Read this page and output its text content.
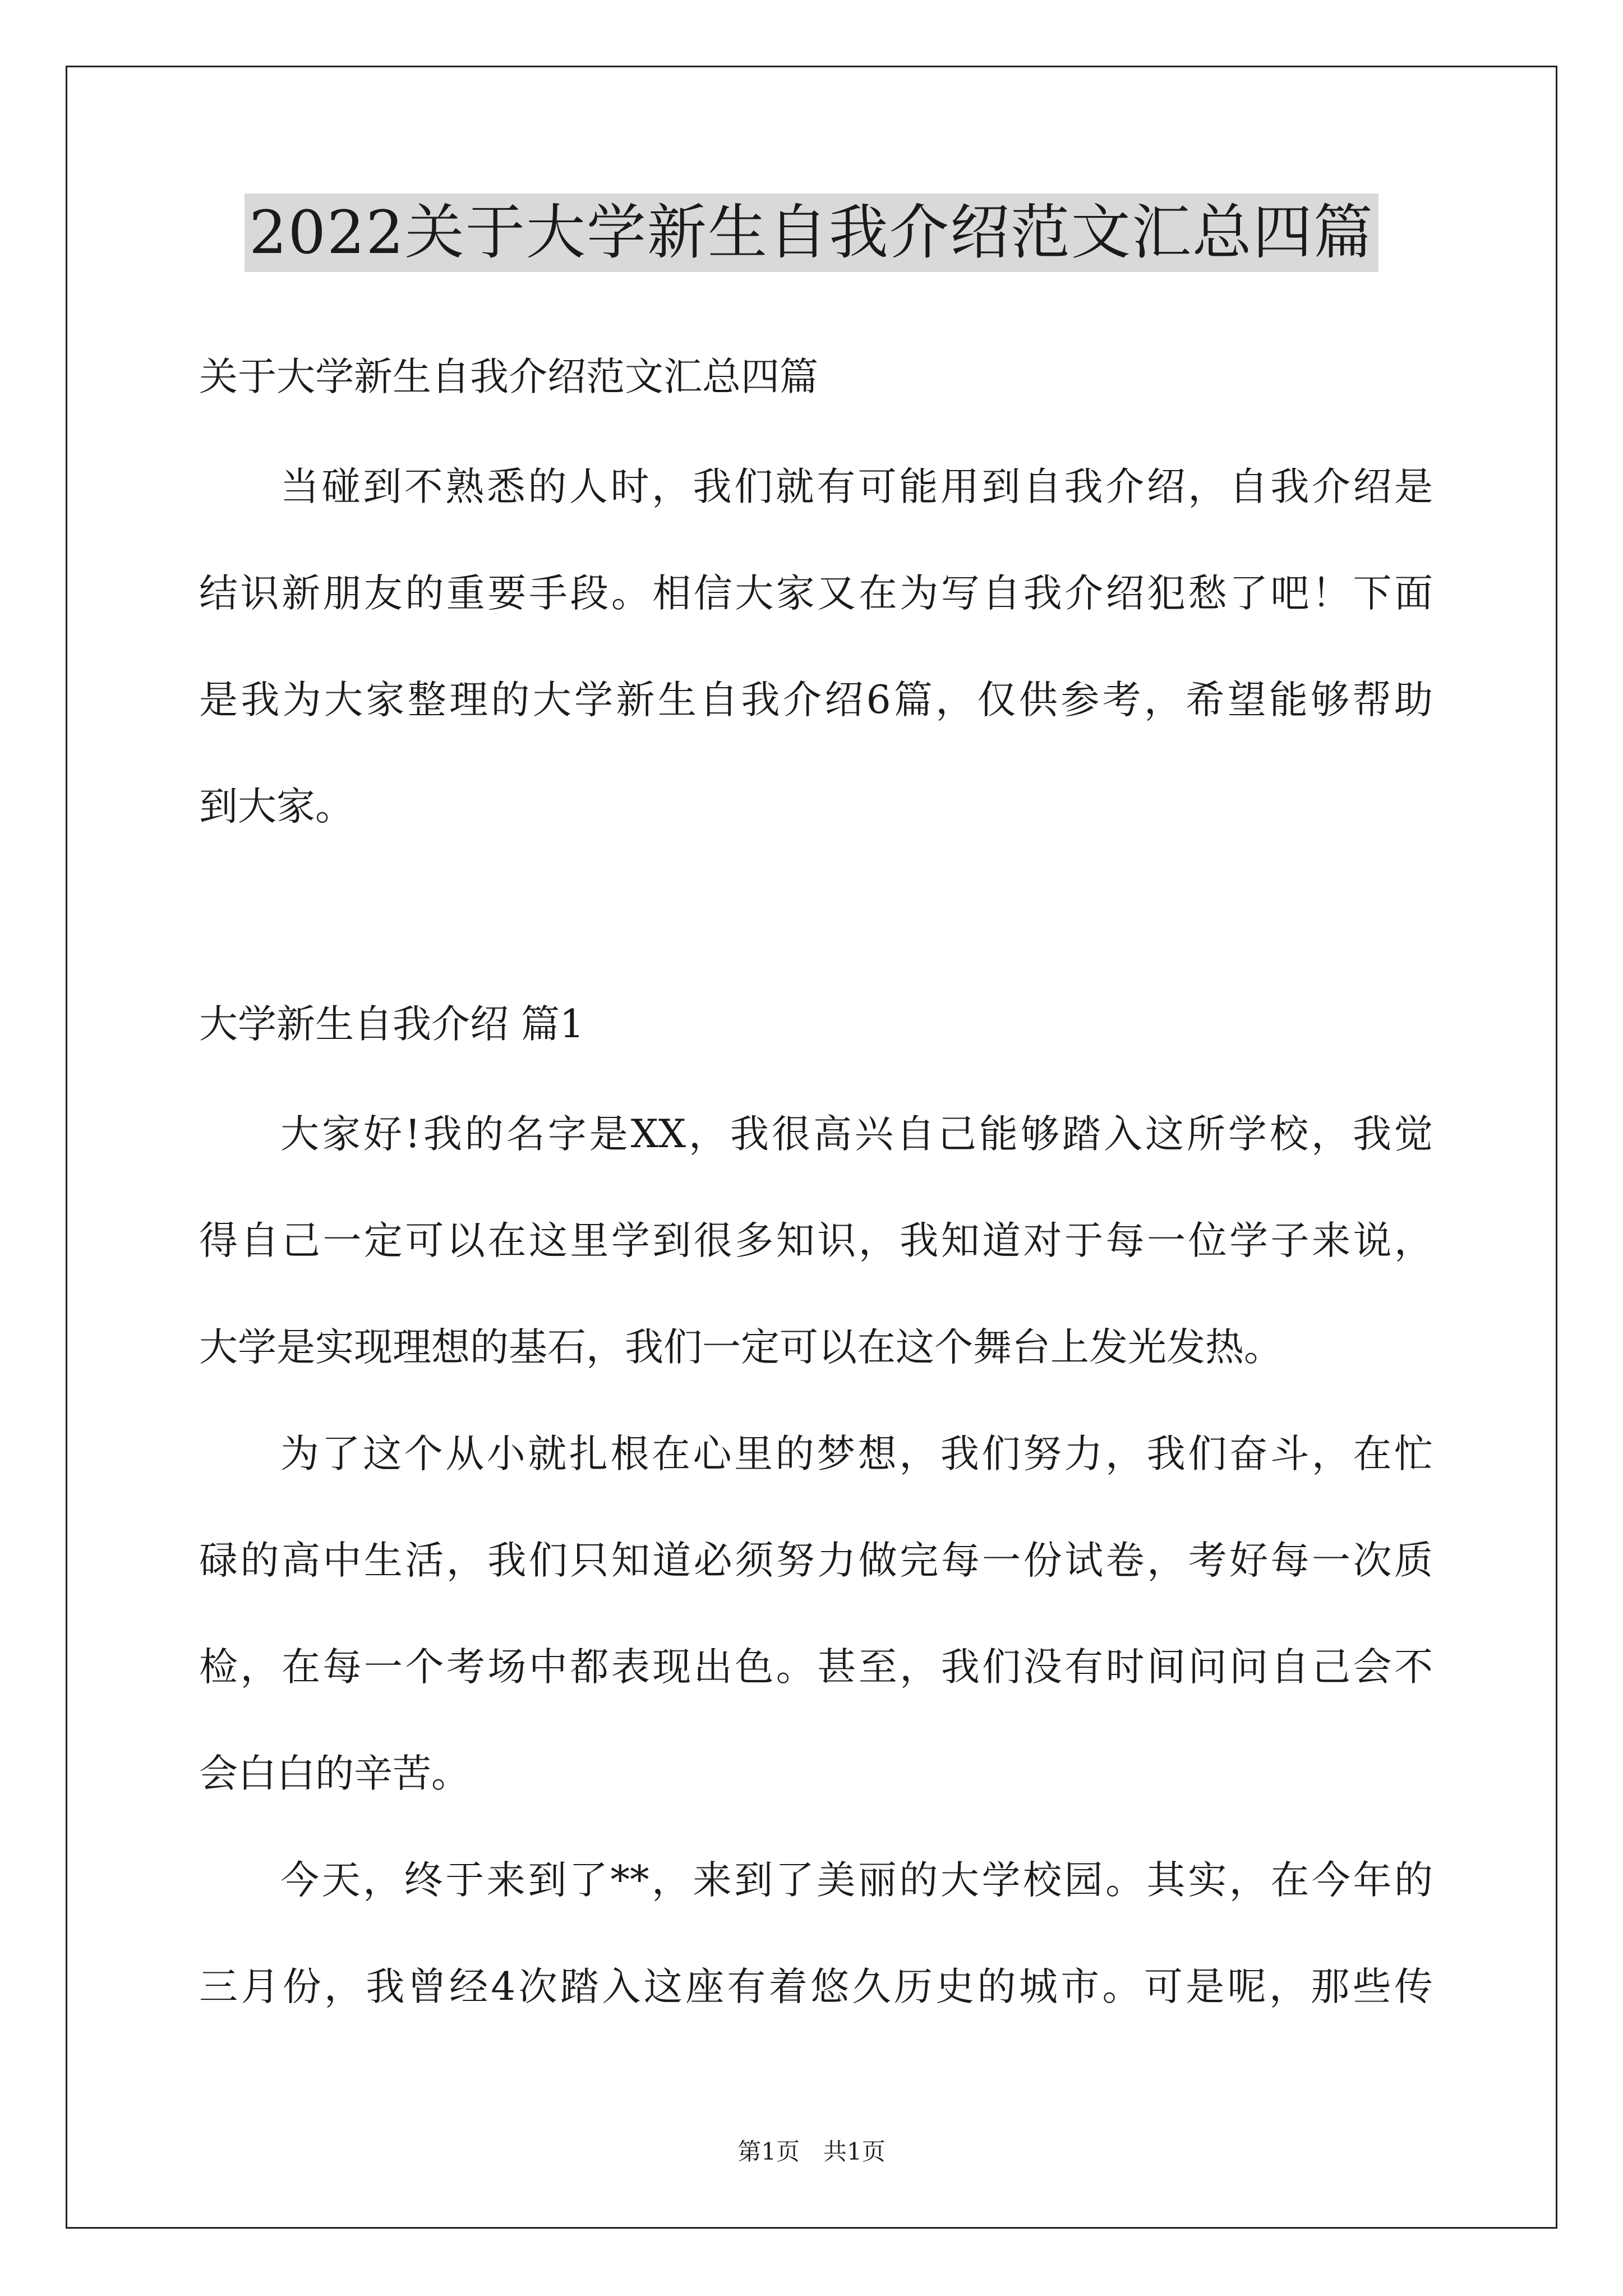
2022关于大学新生自我介绍范文汇总四篇
关于大学新生自我介绍范文汇总四篇
当碰到不熟悉的人时，我们就有可能用到自我介绍，自我介绍是
结识新朋友的重要手段。相信大家又在为写自我介绍犯愁了吧！下面
是我为大家整理的大学新生自我介绍6篇，仅供参考，希望能够帮助
到大家。
大学新生自我介绍 篇1
大家好!我的名字是XX，我很高兴自己能够踏入这所学校，我觉
得自己一定可以在这里学到很多知识，我知道对于每一位学子来说，
大学是实现理想的基石，我们一定可以在这个舞台上发光发热。
为了这个从小就扎根在心里的梦想，我们努力，我们奋斗，在忙
碌的高中生活，我们只知道必须努力做完每一份试卷，考好每一次质
检，在每一个考场中都表现出色。甚至，我们没有时间问问自己会不
会白白的辛苦。
今天，终于来到了**，来到了美丽的大学校园。其实，在今年的
三月份，我曾经4次踏入这座有着悠久历史的城市。可是呢，那些传
第1页　共1页
